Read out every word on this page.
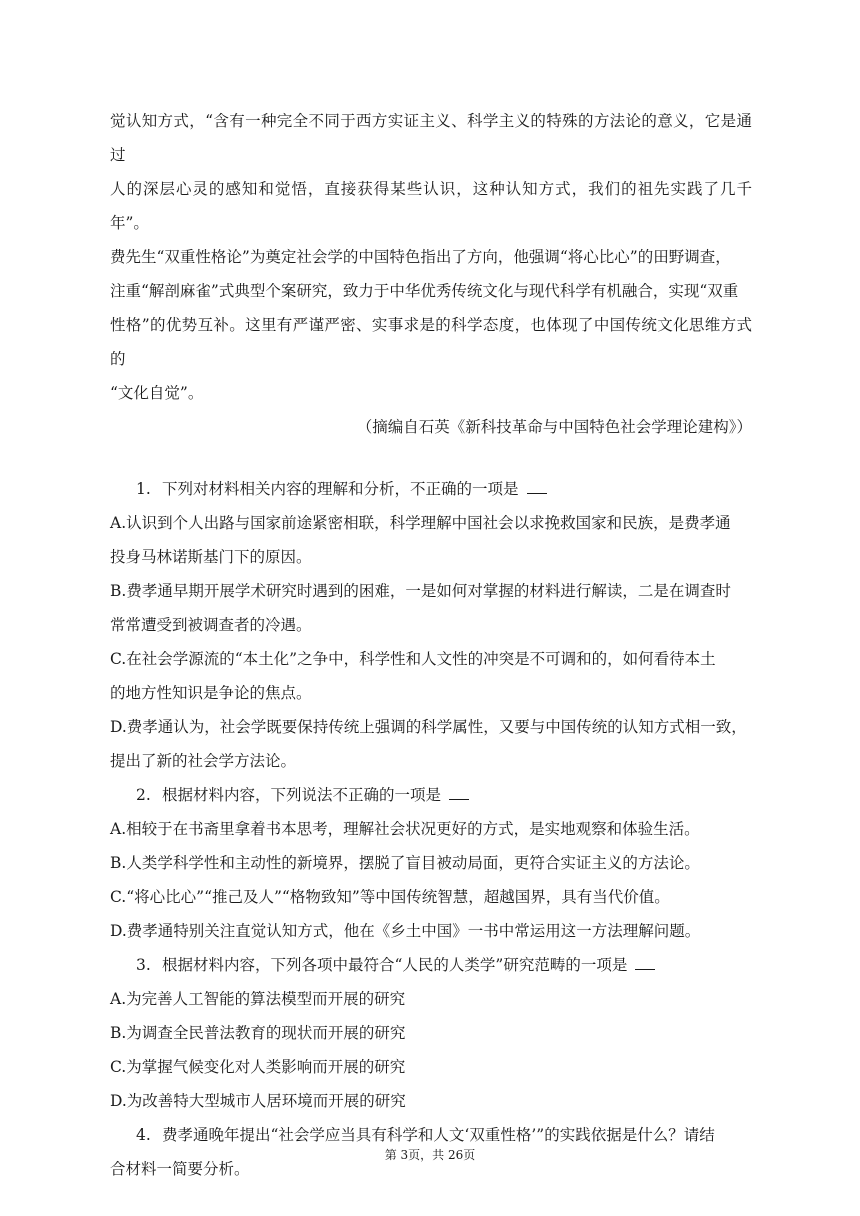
觉认知方式，“含有一种完全不同于西方实证主义、科学主义的特殊的方法论的意义，它是通过

人的深层心灵的感知和觉悟，直接获得某些认识，这种认知方式，我们的祖先实践了几千年”。

费先生“双重性格论”为奠定社会学的中国特色指出了方向，他强调“将心比心”的田野调查，

注重“解剖麻雀”式典型个案研究，致力于中华优秀传统文化与现代科学有机融合，实现“双重

性格”的优势互补。这里有严谨严密、实事求是的科学态度，也体现了中国传统文化思维方式的

“文化自觉”。

（摘编自石英《新科技革命与中国特色社会学理论建构》）

1. 下列对材料相关内容的理解和分析，不正确的一项是

A.认识到个人出路与国家前途紧密相联，科学理解中国社会以求挽救国家和民族，是费孝通

投身马林诺斯基门下的原因。

B.费孝通早期开展学术研究时遇到的困难，一是如何对掌握的材料进行解读，二是在调查时

常常遭受到被调查者的冷遇。

C.在社会学源流的“本土化”之争中，科学性和人文性的冲突是不可调和的，如何看待本土

的地方性知识是争论的焦点。

D.费孝通认为，社会学既要保持传统上强调的科学属性，又要与中国传统的认知方式相一致，

提出了新的社会学方法论。

2. 根据材料内容，下列说法不正确的一项是

A.相较于在书斋里拿着书本思考，理解社会状况更好的方式，是实地观察和体验生活。

B.人类学科学性和主动性的新境界，摆脱了盲目被动局面，更符合实证主义的方法论。

C.“将心比心”“推己及人”“格物致知”等中国传统智慧，超越国界，具有当代价值。

D.费孝通特别关注直觉认知方式，他在《乡土中国》一书中常运用这一方法理解问题。

3. 根据材料内容，下列各项中最符合“人民的人类学”研究范畴的一项是

A.为完善人工智能的算法模型而开展的研究

B.为调查全民普法教育的现状而开展的研究

C.为掌握气候变化对人类影响而开展的研究

D.为改善特大型城市人居环境而开展的研究

4. 费孝通晚年提出“社会学应当具有科学和人文‘双重性格’”的实践依据是什么？请结

合材料一简要分析。

第 3页，共 26页
